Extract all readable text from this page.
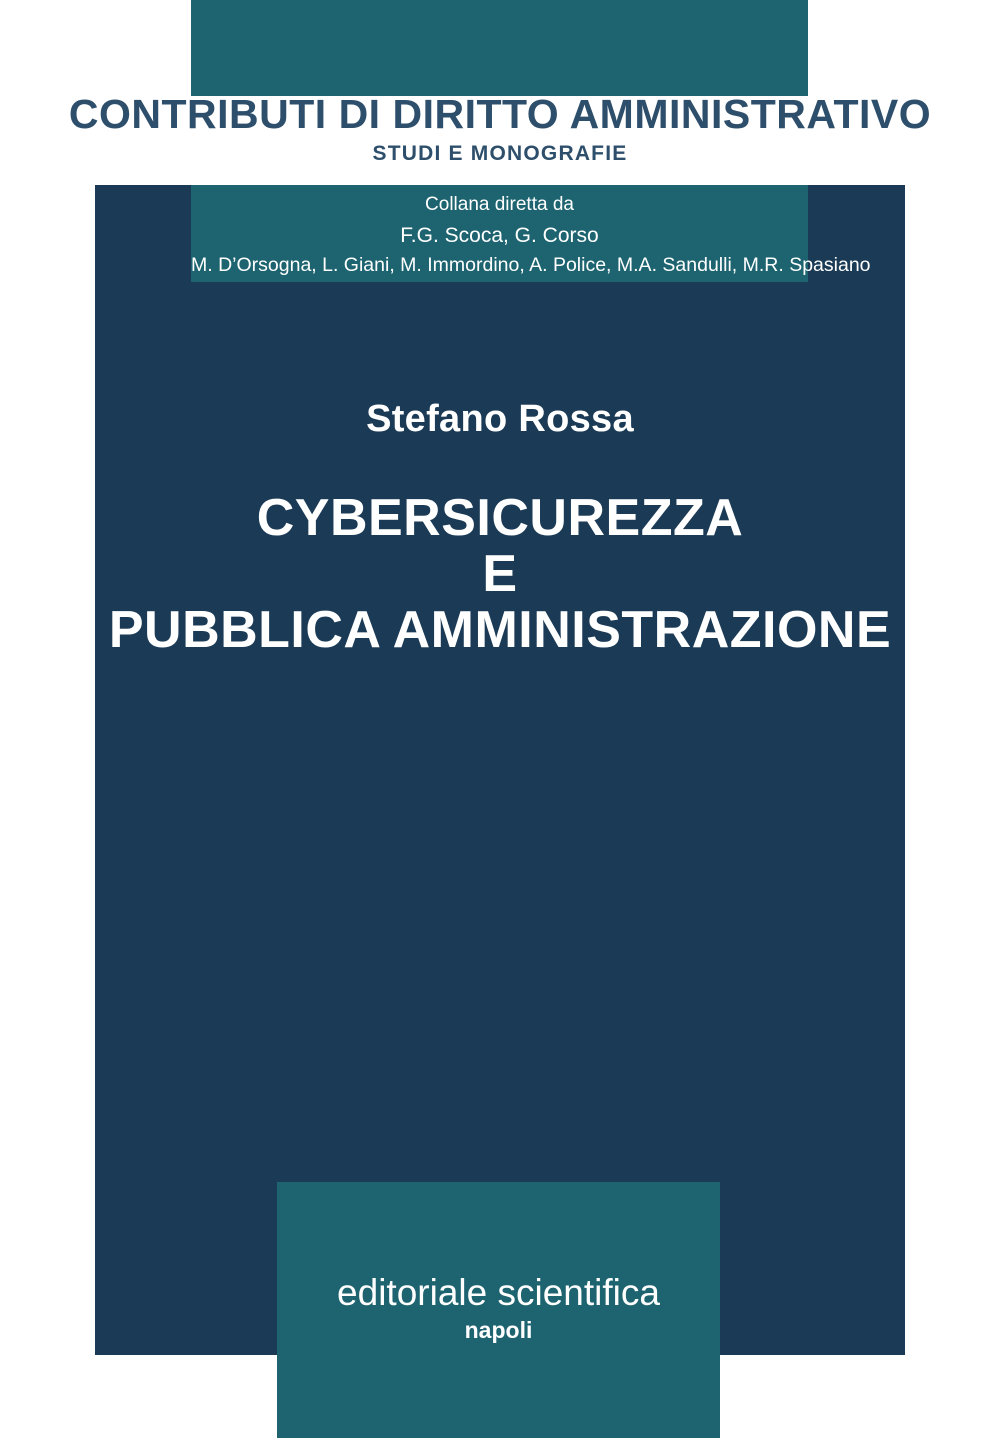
CONTRIBUTI DI DIRITTO AMMINISTRATIVO
STUDI E MONOGRAFIE
Collana diretta da
F.G. Scoca, G. Corso
M. D’Orsogna, L. Giani, M. Immordino, A. Police, M.A. Sandulli, M.R. Spasiano
Stefano Rossa
CYBERSICUREZZA
E
PUBBLICA AMMINISTRAZIONE
editoriale scientifica
napoli
